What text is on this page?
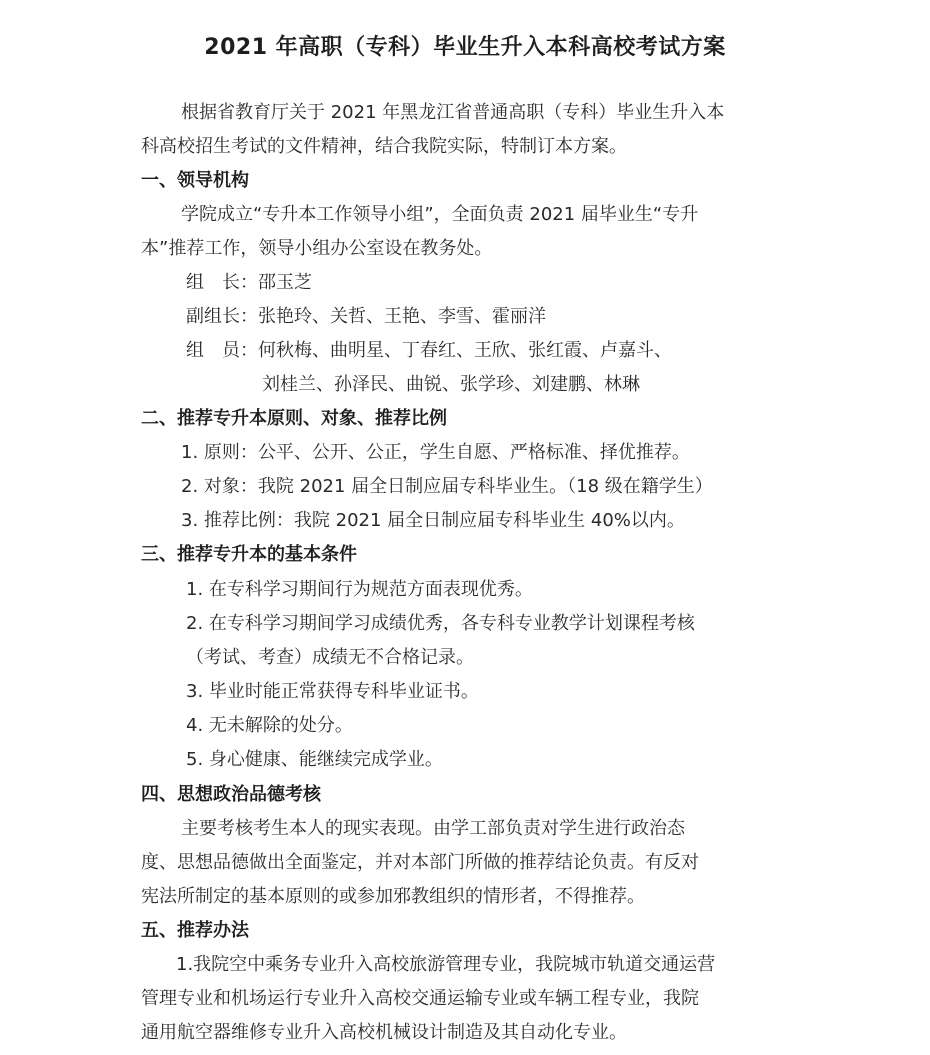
2021 年高职（专科）毕业生升入本科高校考试方案
根据省教育厅关于 2021 年黑龙江省普通高职（专科）毕业生升入本
科高校招生考试的文件精神，结合我院实际，特制订本方案。
一、领导机构
学院成立“专升本工作领导小组”，全面负责 2021 届毕业生“专升
本”推荐工作，领导小组办公室设在教务处。
组　长：邵玉芝
副组长：张艳玲、关哲、王艳、李雪、霍丽洋
组　员：何秋梅、曲明星、丁春红、王欣、张红霞、卢嘉斗、
刘桂兰、孙泽民、曲锐、张学珍、刘建鹏、林琳
二、推荐专升本原则、对象、推荐比例
1. 原则：公平、公开、公正，学生自愿、严格标准、择优推荐。
2. 对象：我院 2021 届全日制应届专科毕业生。（18 级在籍学生）
3. 推荐比例：我院 2021 届全日制应届专科毕业生 40%以内。
三、推荐专升本的基本条件
1. 在专科学习期间行为规范方面表现优秀。
2. 在专科学习期间学习成绩优秀，各专科专业教学计划课程考核
（考试、考查）成绩无不合格记录。
3. 毕业时能正常获得专科毕业证书。
4. 无未解除的处分。
5. 身心健康、能继续完成学业。
四、思想政治品德考核
主要考核考生本人的现实表现。由学工部负责对学生进行政治态
度、思想品德做出全面鉴定，并对本部门所做的推荐结论负责。有反对
宪法所制定的基本原则的或参加邪教组织的情形者，不得推荐。
五、推荐办法
1.我院空中乘务专业升入高校旅游管理专业，我院城市轨道交通运营
管理专业和机场运行专业升入高校交通运输专业或车辆工程专业，我院
通用航空器维修专业升入高校机械设计制造及其自动化专业。
